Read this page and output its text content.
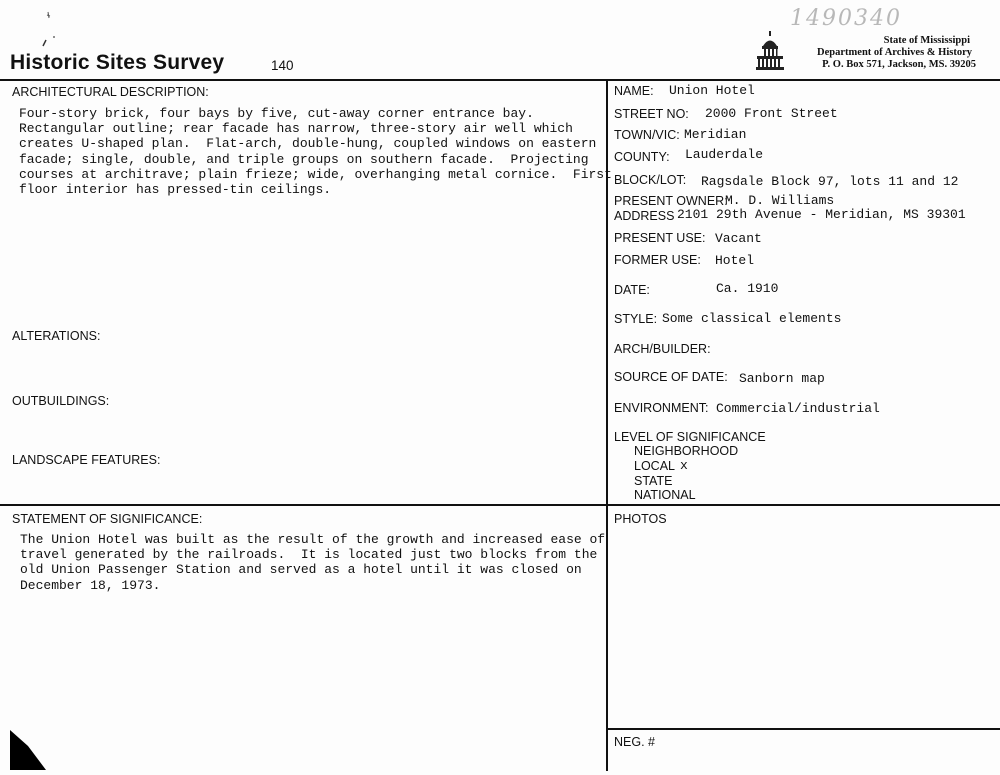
Historic Sites Survey	140
1490340
State of Mississippi
Department of Archives & History
P. O. Box 571, Jackson, MS. 39205
ARCHITECTURAL DESCRIPTION:
Four-story brick, four bays by five, cut-away corner entrance bay.
Rectangular outline; rear facade has narrow, three-story air well which
creates U-shaped plan.  Flat-arch, double-hung, coupled windows on eastern
facade; single, double, and triple groups on southern facade.  Projecting
courses at architrave; plain frieze; wide, overhanging metal cornice.  First
floor interior has pressed-tin ceilings.
ALTERATIONS:
OUTBUILDINGS:
LANDSCAPE FEATURES:
STATEMENT OF SIGNIFICANCE:
The Union Hotel was built as the result of the growth and increased ease of
travel generated by the railroads.  It is located just two blocks from the
old Union Passenger Station and served as a hotel until it was closed on
December 18, 1973.
NAME: Union Hotel
STREET NO: 2000 Front Street
TOWN/VIC: Meridian
COUNTY: Lauderdale
BLOCK/LOT: Ragsdale Block 97, lots 11 and 12
PRESENT OWNER:
M. D. Williams
ADDRESS 2101 29th Avenue - Meridian, MS 39301
PRESENT USE: Vacant
FORMER USE: Hotel
DATE:	Ca. 1910
STYLE: Some classical elements
ARCH/BUILDER:
SOURCE OF DATE: Sanborn map
ENVIRONMENT: Commercial/industrial
LEVEL OF SIGNIFICANCE
NEIGHBORHOOD
LOCAL x
STATE
NATIONAL
PHOTOS
NEG. #
